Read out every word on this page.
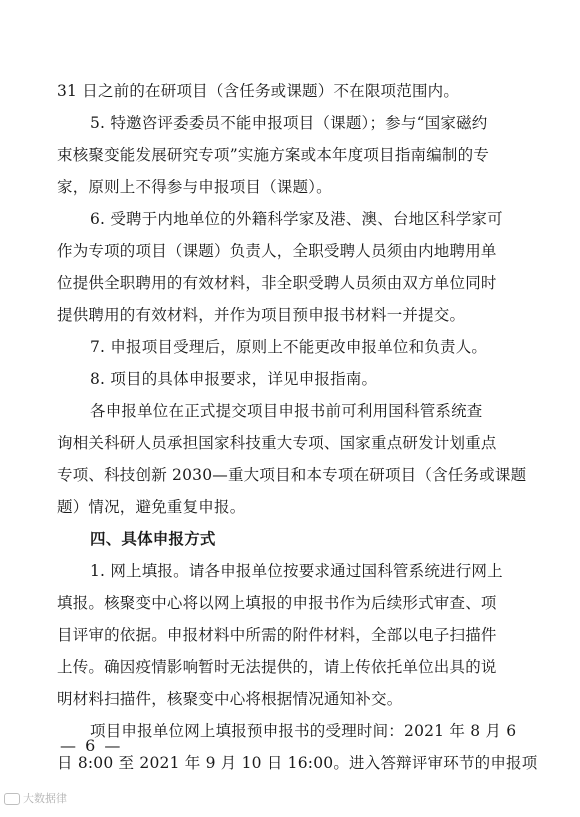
31 日之前的在研项目（含任务或课题）不在限项范围内。
5. 特邀咨评委委员不能申报项目（课题）；参与“国家磁约
束核聚变能发展研究专项”实施方案或本年度项目指南编制的专
家，原则上不得参与申报项目（课题）。
6. 受聘于内地单位的外籍科学家及港、澳、台地区科学家可
作为专项的项目（课题）负责人，全职受聘人员须由内地聘用单
位提供全职聘用的有效材料，非全职受聘人员须由双方单位同时
提供聘用的有效材料，并作为项目预申报书材料一并提交。
7. 申报项目受理后，原则上不能更改申报单位和负责人。
8. 项目的具体申报要求，详见申报指南。
各申报单位在正式提交项目申报书前可利用国科管系统查
询相关科研人员承担国家科技重大专项、国家重点研发计划重点
专项、科技创新 2030—重大项目和本专项在研项目（含任务或课题
题）情况，避免重复申报。
四、具体申报方式
1. 网上填报。请各申报单位按要求通过国科管系统进行网上
填报。核聚变中心将以网上填报的申报书作为后续形式审查、项
目评审的依据。申报材料中所需的附件材料，全部以电子扫描件
上传。确因疫情影响暂时无法提供的，请上传依托单位出具的说
明材料扫描件，核聚变中心将根据情况通知补交。
项目申报单位网上填报预申报书的受理时间：2021 年 8 月 6
日 8:00 至 2021 年 9 月 10 日 16:00。进入答辩评审环节的申报项
— 6 —
大数据律
